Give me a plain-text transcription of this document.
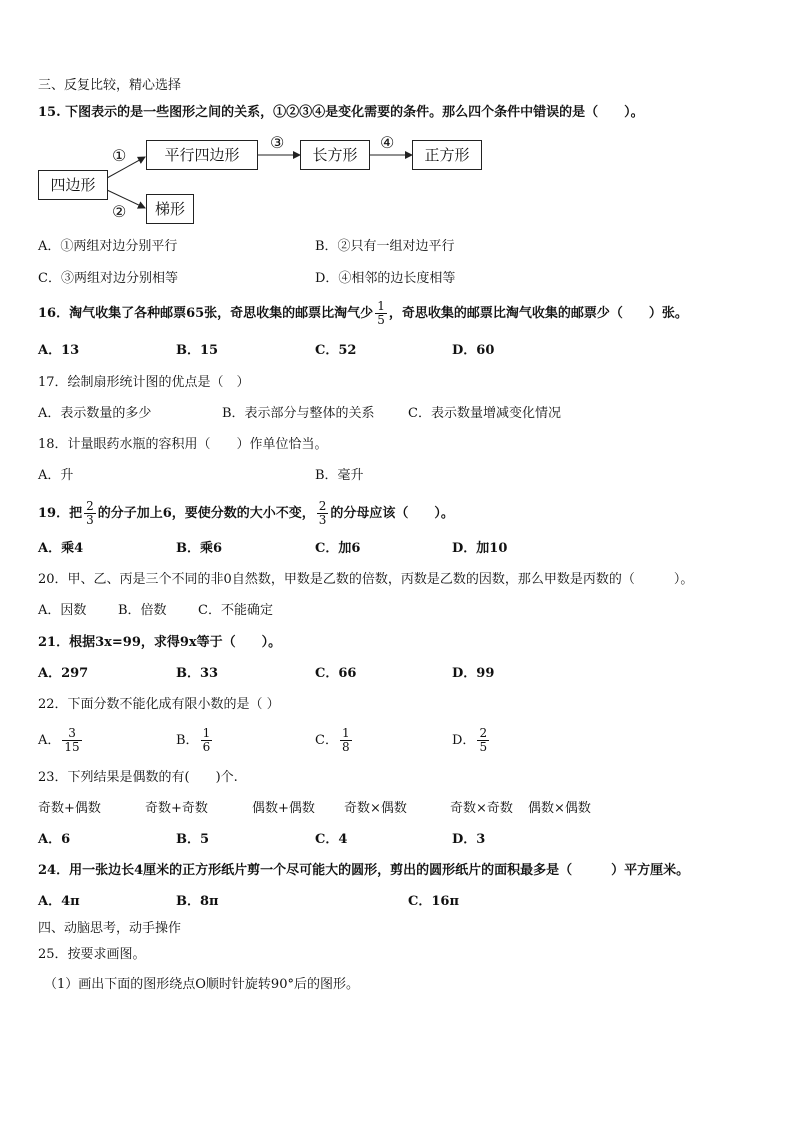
三、反复比较，精心选择
15. 下图表示的是一些图形之间的关系，①②③④是变化需要的条件。那么四个条件中错误的是（　　）。
四边形
平行四边形	长方形	正方形
梯形
①
②
③	④
A．①两组对边分别平行	B．②只有一组对边平行
C．③两组对边分别相等	D．④相邻的边长度相等
16．淘气收集了各种邮票65张，奇思收集的邮票比淘气少 $\frac{1}{5}$ ，奇思收集的邮票比淘气收集的邮票少（　　）张。
A．13	B．15	C．52	D．60
17．绘制扇形统计图的优点是（　）
A．表示数量的多少	B．表示部分与整体的关系	C．表示数量增减变化情况
18．计量眼药水瓶的容积用（　　）作单位恰当。
A．升	B．毫升
19．把 $\frac{2}{3}$ 的分子加上6，要使分数的大小不变， $\frac{2}{3}$ 的分母应该（　　）。
A．乘4	B．乘6	C．加6	D．加10
20．甲、乙、丙是三个不同的非0自然数，甲数是乙数的倍数，丙数是乙数的因数，那么甲数是丙数的（　　　）。
A．因数 B．倍数 C．不能确定
21．根据3x=99，求得9x等于（　　）。
A．297	B．33	C．66	D．99
22．下面分数不能化成有限小数的是（ ）
A． $\frac{3}{15}$	B． $\frac{1}{6}$	C． $\frac{1}{8}$	D． $\frac{2}{5}$
23．下列结果是偶数的有(　　)个.
奇数+偶数	奇数+奇数	偶数+偶数 奇数×偶数	奇数×奇数 偶数×偶数
A．6	B．5	C．4	D．3
24．用一张边长4厘米的正方形纸片剪一个尽可能大的圆形，剪出的圆形纸片的面积最多是（　　　）平方厘米。
A．4π	B．8π	C．16π
四、动脑思考，动手操作
25．按要求画图。
（1）画出下面的图形绕点O顺时针旋转90°后的图形。
